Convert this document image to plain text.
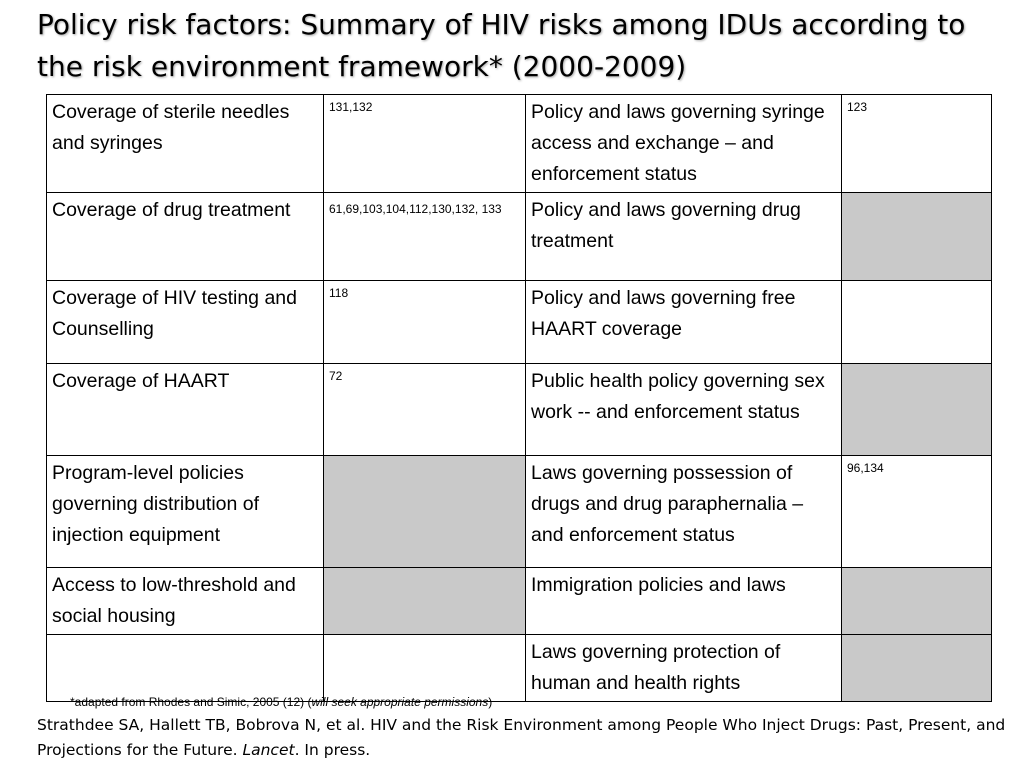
Policy risk factors: Summary of HIV risks among IDUs according to the risk environment framework* (2000-2009)
Coverage of sterile needles and syringes	131,132	Policy and laws governing syringe access and exchange – and enforcement status	123
Coverage of drug treatment	61,69,103,104,112,130,132, 133	Policy and laws governing drug treatment	
Coverage of HIV testing and Counselling	118	Policy and laws governing free HAART coverage	
Coverage of HAART	72	Public health policy governing sex work -- and enforcement status	
Program-level policies governing distribution of injection equipment		Laws governing possession of drugs and drug paraphernalia – and enforcement status	96,134
Access to low-threshold and social housing		Immigration policies and laws	
		Laws governing protection of human and health rights	

*adapted from Rhodes and Simic, 2005 (12) (will seek appropriate permissions)

Strathdee SA, Hallett TB, Bobrova N, et al. HIV and the Risk Environment among People Who Inject Drugs: Past, Present, and Projections for the Future. Lancet. In press.
